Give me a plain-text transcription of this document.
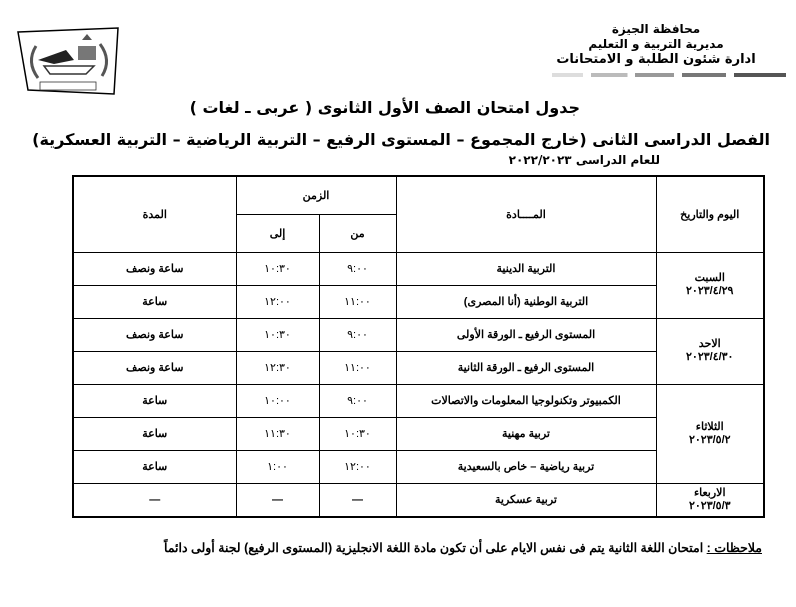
محافظة الجيزة
مديرية التربية و التعليم
ادارة شئون الطلبة و الامتحانات
جدول امتحان الصف الأول الثانوى ( عربى ـ لغات )
الفصل الدراسى الثانى (خارج المجموع – المستوى الرفيع – التربية الرياضية – التربية العسكرية)
للعام الدراسى ٢٠٢٢/٢٠٢٣
اليوم والتاريخ	المــــادة	الزمن		المدة
		من	إلى	

السبت
٢٠٢٣/٤/٢٩	التربية الدينية	٩:٠٠	١٠:٣٠	ساعة ونصف
	التربية الوطنية (أنا المصرى)	١١:٠٠	١٢:٠٠	ساعة

الاحد
٢٠٢٣/٤/٣٠	المستوى الرفيع ـ الورقة الأولى	٩:٠٠	١٠:٣٠	ساعة ونصف
	المستوى الرفيع ـ الورقة الثانية	١١:٠٠	١٢:٣٠	ساعة ونصف

الثلاثاء
٢٠٢٣/٥/٢	الكمبيوتر وتكنولوجيا المعلومات والاتصالات	٩:٠٠	١٠:٠٠	ساعة
	تربية مهنية	١٠:٣٠	١١:٣٠	ساعة
	تربية رياضية – خاص بالسعيدية	١٢:٠٠	١:٠٠	ساعة

الاربعاء
٢٠٢٣/٥/٣	تربية عسكرية	—	—	—
ملاحظات : امتحان اللغة الثانية يتم فى نفس الايام على أن تكون مادة اللغة الانجليزية (المستوى الرفيع) لجنة أولى دائماً
